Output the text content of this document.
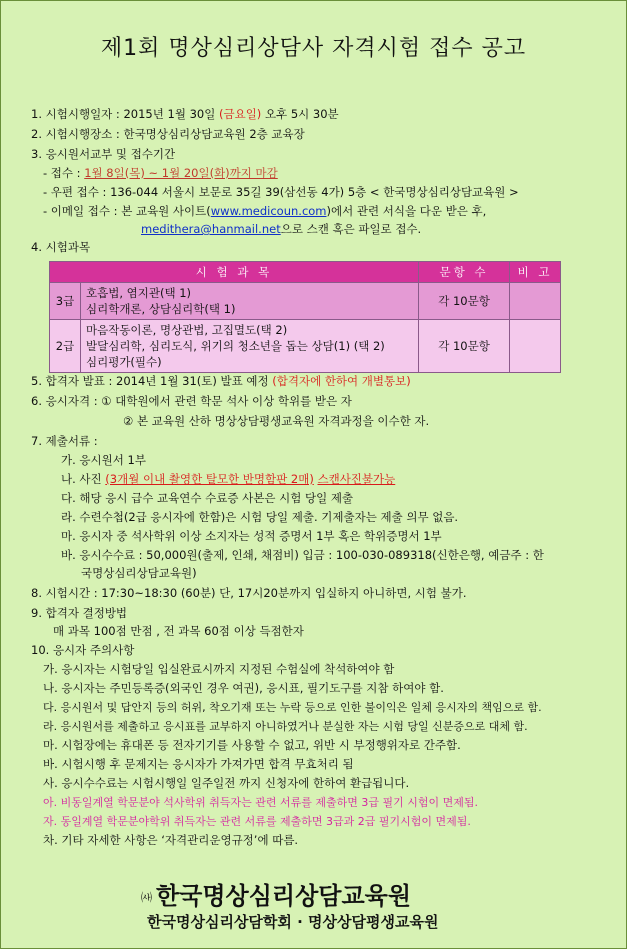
제1회 명상심리상담사 자격시험 접수 공고
1. 시험시행일자 : 2015년 1월 30일 (금요일) 오후 5시 30분
2. 시험시행장소 : 한국명상심리상담교육원 2층 교육장
3. 응시원서교부 및 접수기간
- 접수 : 1월 8일(목) ~ 1월 20일(화)까지 마감
- 우편 접수 : 136-044 서울시 보문로 35길 39(삼선동 4가) 5층 < 한국명상심리상담교육원 >
- 이메일 접수 : 본 교육원 사이트(www.medicoun.com)에서 관련 서식을 다운 받은 후,
medithera@hanmail.net으로 스캔 혹은 파일로 접수.
4. 시험과목
시 험 과 목		문항 수	비 고
3급	호흡법, 염지관(택 1)
심리학개론, 상담심리학(택 1)	각 10문항	
2급	마음작동이론, 명상관법, 고집멸도(택 2)
발달심리학, 심리도식, 위기의 청소년을 돕는 상담(1) (택 2)
심리평가(필수)	각 10문항	
5. 합격자 발표 : 2014년 1월 31(토) 발표 예정 (합격자에 한하여 개별통보)
6. 응시자격 : ① 대학원에서 관련 학문 석사 이상 학위를 받은 자
② 본 교육원 산하 명상상담평생교육원 자격과정을 이수한 자.
7. 제출서류 :
가. 응시원서 1부
나. 사진 (3개월 이내 촬영한 탈모한 반명함판 2매) 스캔사진불가능
다. 해당 응시 급수 교육연수 수료증 사본은 시험 당일 제출
라. 수련수첩(2급 응시자에 한함)은 시험 당일 제출. 기제출자는 제출 의무 없음.
마. 응시자 중 석사학위 이상 소지자는 성적 증명서 1부 혹은 학위증명서 1부
바. 응시수수료 : 50,000원(출제, 인쇄, 채점비) 입금 : 100-030-089318(신한은행, 예금주 : 한
국명상심리상담교육원)
8. 시험시간 : 17:30~18:30 (60분) 단, 17시20분까지 입실하지 아니하면, 시험 불가.
9. 합격자 결정방법
매 과목 100점 만점 , 전 과목 60점 이상 득점한자
10. 응시자 주의사항
가. 응시자는 시험당일 입실완료시까지 지정된 수험실에 착석하여야 함
나. 응시자는 주민등록증(외국인 경우 여권), 응시표, 필기도구를 지참 하여야 함.
다. 응시원서 및 답안지 등의 허위, 착오기재 또는 누락 등으로 인한 불이익은 일체 응시자의 책임으로 함.
라. 응시원서를 제출하고 응시표를 교부하지 아니하였거나 분실한 자는 시험 당일 신분증으로 대체 함.
마. 시험장에는 휴대폰 등 전자기기를 사용할 수 없고, 위반 시 부정행위자로 간주함.
바. 시험시행 후 문제지는 응시자가 가져가면 합격 무효처리 됨
사. 응시수수료는 시험시행일 일주일전 까지 신청자에 한하여 환급됩니다.
아. 비동일계열 학문분야 석사학위 취득자는 관련 서류를 제출하면 3급 필기 시험이 면제됨.
자. 동일계열 학문분야학위 취득자는 관련 서류를 제출하면 3급과 2급 필기시험이 면제됨.
차. 기타 자세한 사항은 ‘자격관리운영규정’에 따름.
㈔ 한국명상심리상담교육원
한국명상심리상담학회 · 명상상담평생교육원
